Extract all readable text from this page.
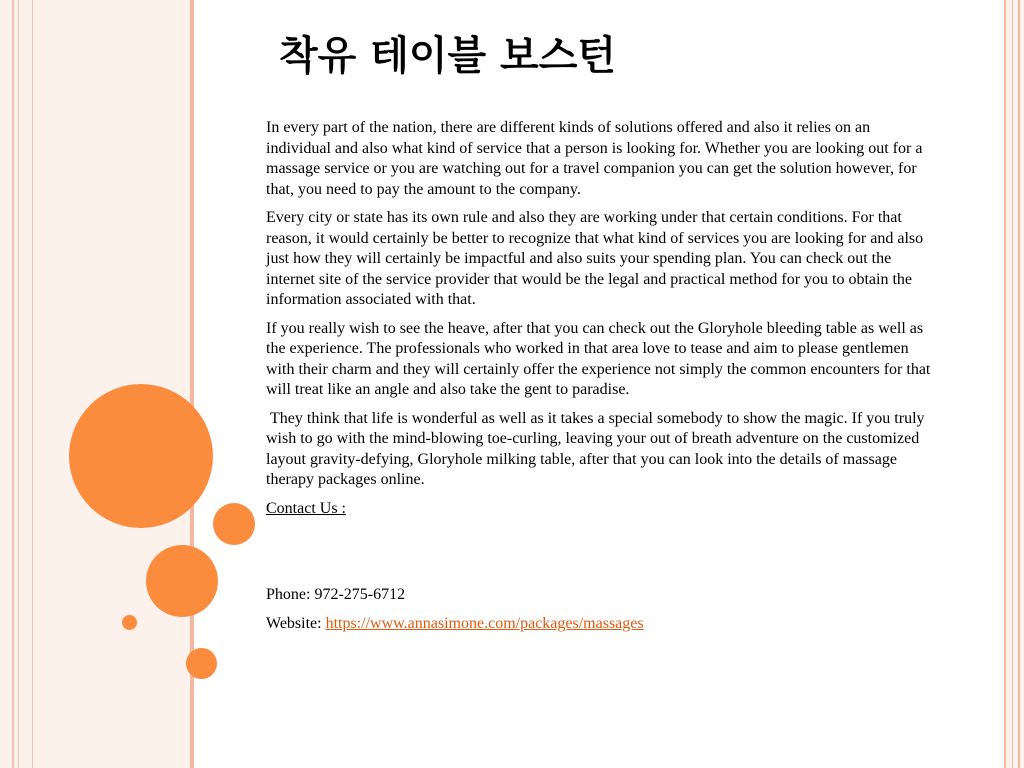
착유 테이블 보스턴

In every part of the nation, there are different kinds of solutions offered and also it relies on an individual and also what kind of service that a person is looking for. Whether you are looking out for a massage service or you are watching out for a travel companion you can get the solution however, for that, you need to pay the amount to the company.

Every city or state has its own rule and also they are working under that certain conditions. For that reason, it would certainly be better to recognize that what kind of services you are looking for and also just how they will certainly be impactful and also suits your spending plan. You can check out the internet site of the service provider that would be the legal and practical method for you to obtain the information associated with that.

If you really wish to see the heave, after that you can check out the Gloryhole bleeding table as well as the experience. The professionals who worked in that area love to tease and aim to please gentlemen with their charm and they will certainly offer the experience not simply the common encounters for that will treat like an angle and also take the gent to paradise.

They think that life is wonderful as well as it takes a special somebody to show the magic. If you truly wish to go with the mind-blowing toe-curling, leaving your out of breath adventure on the customized layout gravity-defying, Gloryhole milking table, after that you can look into the details of massage therapy packages online.

Contact Us :

Phone: 972-275-6712

Website: https://www.annasimone.com/packages/massages
